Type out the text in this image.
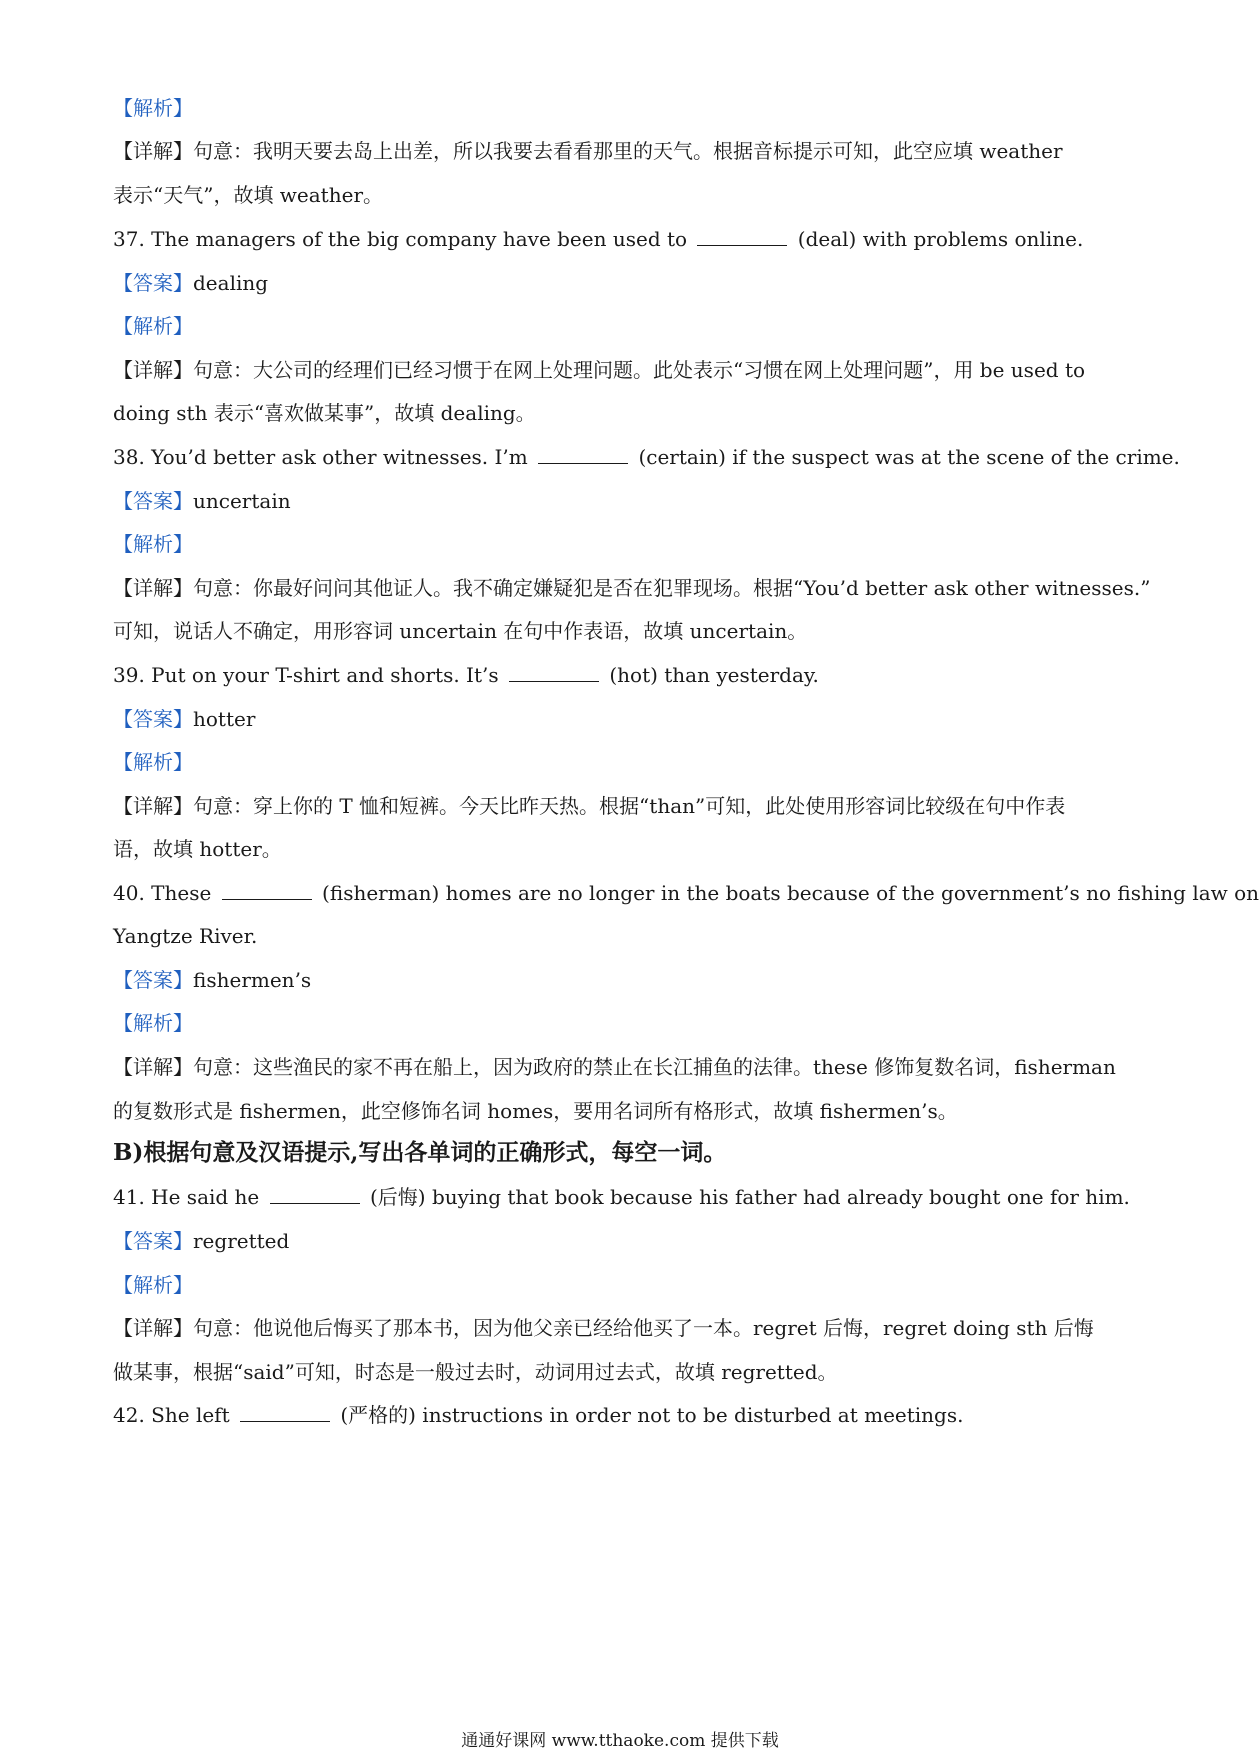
【解析】
【详解】句意：我明天要去岛上出差，所以我要去看看那里的天气。根据音标提示可知，此空应填 weather
表示“天气”，故填 weather。
37. The managers of the big company have been used to	(deal) with problems online.
【答案】dealing
【解析】
【详解】句意：大公司的经理们已经习惯于在网上处理问题。此处表示“习惯在网上处理问题”，用 be used to
doing sth 表示“喜欢做某事”，故填 dealing。
38. You’d better ask other witnesses. I’m	(certain) if the suspect was at the scene of the crime.
【答案】uncertain
【解析】
【详解】句意：你最好问问其他证人。我不确定嫌疑犯是否在犯罪现场。根据“You’d better ask other witnesses.”
可知，说话人不确定，用形容词 uncertain 在句中作表语，故填 uncertain。
39. Put on your T-shirt and shorts. It’s	(hot) than yesterday.
【答案】hotter
【解析】
【详解】句意：穿上你的 T 恤和短裤。今天比昨天热。根据“than”可知，此处使用形容词比较级在句中作表
语，故填 hotter。
40. These	(fisherman) homes are no longer in the boats because of the government’s no fishing law on
Yangtze River.
【答案】fishermen’s
【解析】
【详解】句意：这些渔民的家不再在船上，因为政府的禁止在长江捕鱼的法律。these 修饰复数名词，fisherman
的复数形式是 fishermen，此空修饰名词 homes，要用名词所有格形式，故填 fishermen’s。
B)根据句意及汉语提示,写出各单词的正确形式，每空一词。
41. He said he	(后悔) buying that book because his father had already bought one for him.
【答案】regretted
【解析】
【详解】句意：他说他后悔买了那本书，因为他父亲已经给他买了一本。regret 后悔，regret doing sth 后悔
做某事，根据“said”可知，时态是一般过去时，动词用过去式，故填 regretted。
42. She left	(严格的) instructions in order not to be disturbed at meetings.
通通好课网 www.tthaoke.com 提供下载
